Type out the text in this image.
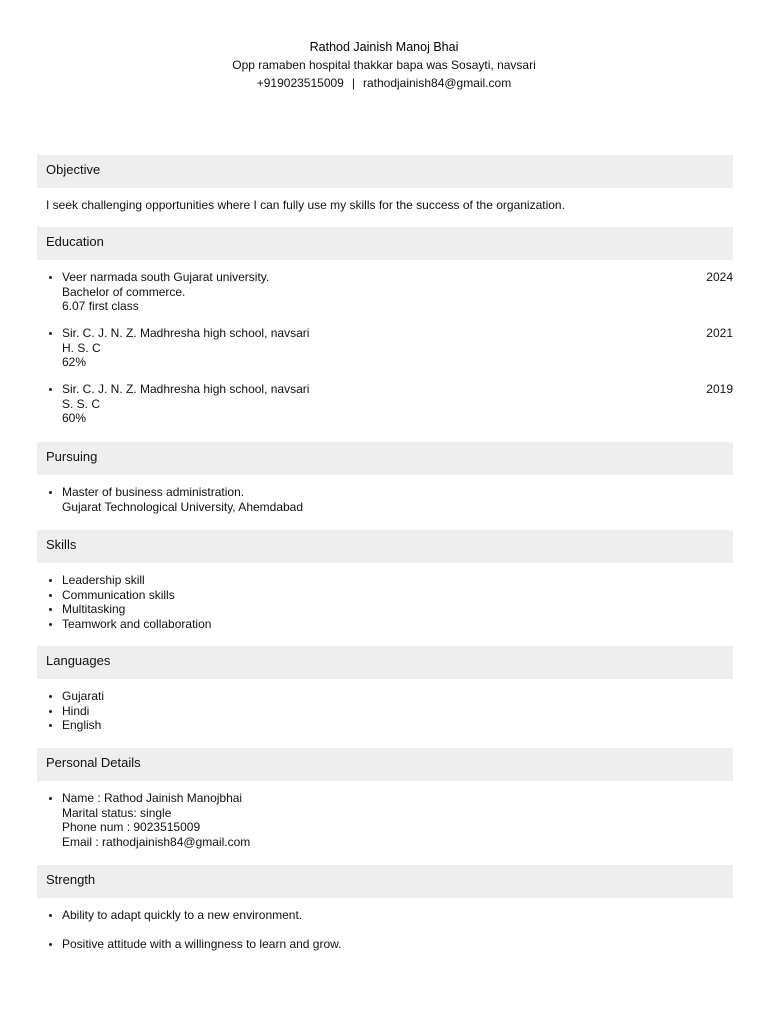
Rathod Jainish Manoj Bhai
Opp ramaben hospital thakkar bapa was Sosayti, navsari
+919023515009 | rathodjainish84@gmail.com
Objective
I seek challenging opportunities where I can fully use my skills for the success of the organization.
Education
Veer narmada south Gujarat university.
Bachelor of commerce.
6.07 first class
2024
Sir. C. J. N. Z. Madhresha high school, navsari
H. S. C
62%
2021
Sir. C. J. N. Z. Madhresha high school, navsari
S. S. C
60%
2019
Pursuing
Master of business administration.
Gujarat Technological University, Ahemdabad
Skills
Leadership skill
Communication skills
Multitasking
Teamwork and collaboration
Languages
Gujarati
Hindi
English
Personal Details
Name : Rathod Jainish Manojbhai
Marital status: single
Phone num : 9023515009
Email : rathodjainish84@gmail.com
Strength
Ability to adapt quickly to a new environment.
Positive attitude with a willingness to learn and grow.
